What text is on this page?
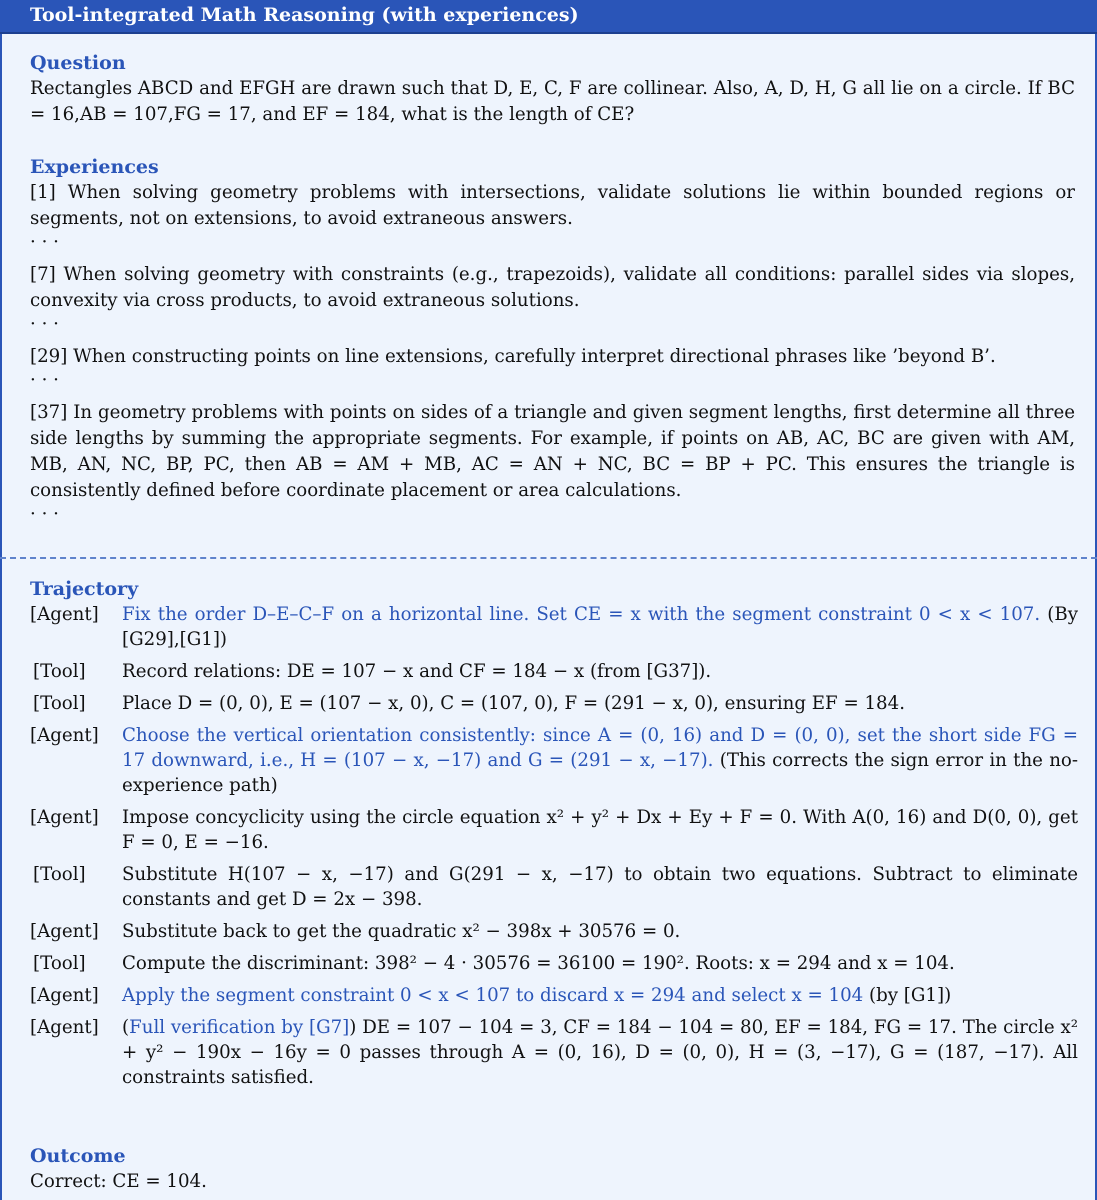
Tool-integrated Math Reasoning (with experiences)

Question

Rectangles ABCD and EFGH are drawn such that D, E, C, F are collinear. Also, A, D, H, G all lie on a circle. If BC = 16,AB = 107,FG = 17, and EF = 184, what is the length of CE?

Experiences

[1] When solving geometry problems with intersections, validate solutions lie within bounded regions or segments, not on extensions, to avoid extraneous answers.

· · ·

[7] When solving geometry with constraints (e.g., trapezoids), validate all conditions: parallel sides via slopes, convexity via cross products, to avoid extraneous solutions.

· · ·

[29] When constructing points on line extensions, carefully interpret directional phrases like ’beyond B’.

· · ·

[37] In geometry problems with points on sides of a triangle and given segment lengths, first determine all three side lengths by summing the appropriate segments. For example, if points on AB, AC, BC are given with AM, MB, AN, NC, BP, PC, then AB = AM + MB, AC = AN + NC, BC = BP + PC. This ensures the triangle is consistently defined before coordinate placement or area calculations.

· · ·

Trajectory

[Agent]	Fix the order D–E–C–F on a horizontal line. Set CE = x with the segment constraint 0 < x < 107. (By [G29],[G1])
[Tool]	Record relations: DE = 107 − x and CF = 184 − x (from [G37]).
[Tool]	Place D = (0, 0), E = (107 − x, 0), C = (107, 0), F = (291 − x, 0), ensuring EF = 184.
[Agent]	Choose the vertical orientation consistently: since A = (0, 16) and D = (0, 0), set the short side FG = 17 downward, i.e., H = (107 − x, −17) and G = (291 − x, −17). (This corrects the sign error in the no-experience path)
[Agent]	Impose concyclicity using the circle equation x² + y² + Dx + Ey + F = 0. With A(0, 16) and D(0, 0), get F = 0, E = −16.
[Tool]	Substitute H(107 − x, −17) and G(291 − x, −17) to obtain two equations. Subtract to eliminate constants and get D = 2x − 398.
[Agent]	Substitute back to get the quadratic x² − 398x + 30576 = 0.
[Tool]	Compute the discriminant: 398² − 4 · 30576 = 36100 = 190². Roots: x = 294 and x = 104.
[Agent]	Apply the segment constraint 0 < x < 107 to discard x = 294 and select x = 104 (by [G1])
[Agent]	(Full verification by [G7]) DE = 107 − 104 = 3, CF = 184 − 104 = 80, EF = 184, FG = 17. The circle x² + y² − 190x − 16y = 0 passes through A = (0, 16), D = (0, 0), H = (3, −17), G = (187, −17). All constraints satisfied.

Outcome

Correct: CE = 104.
